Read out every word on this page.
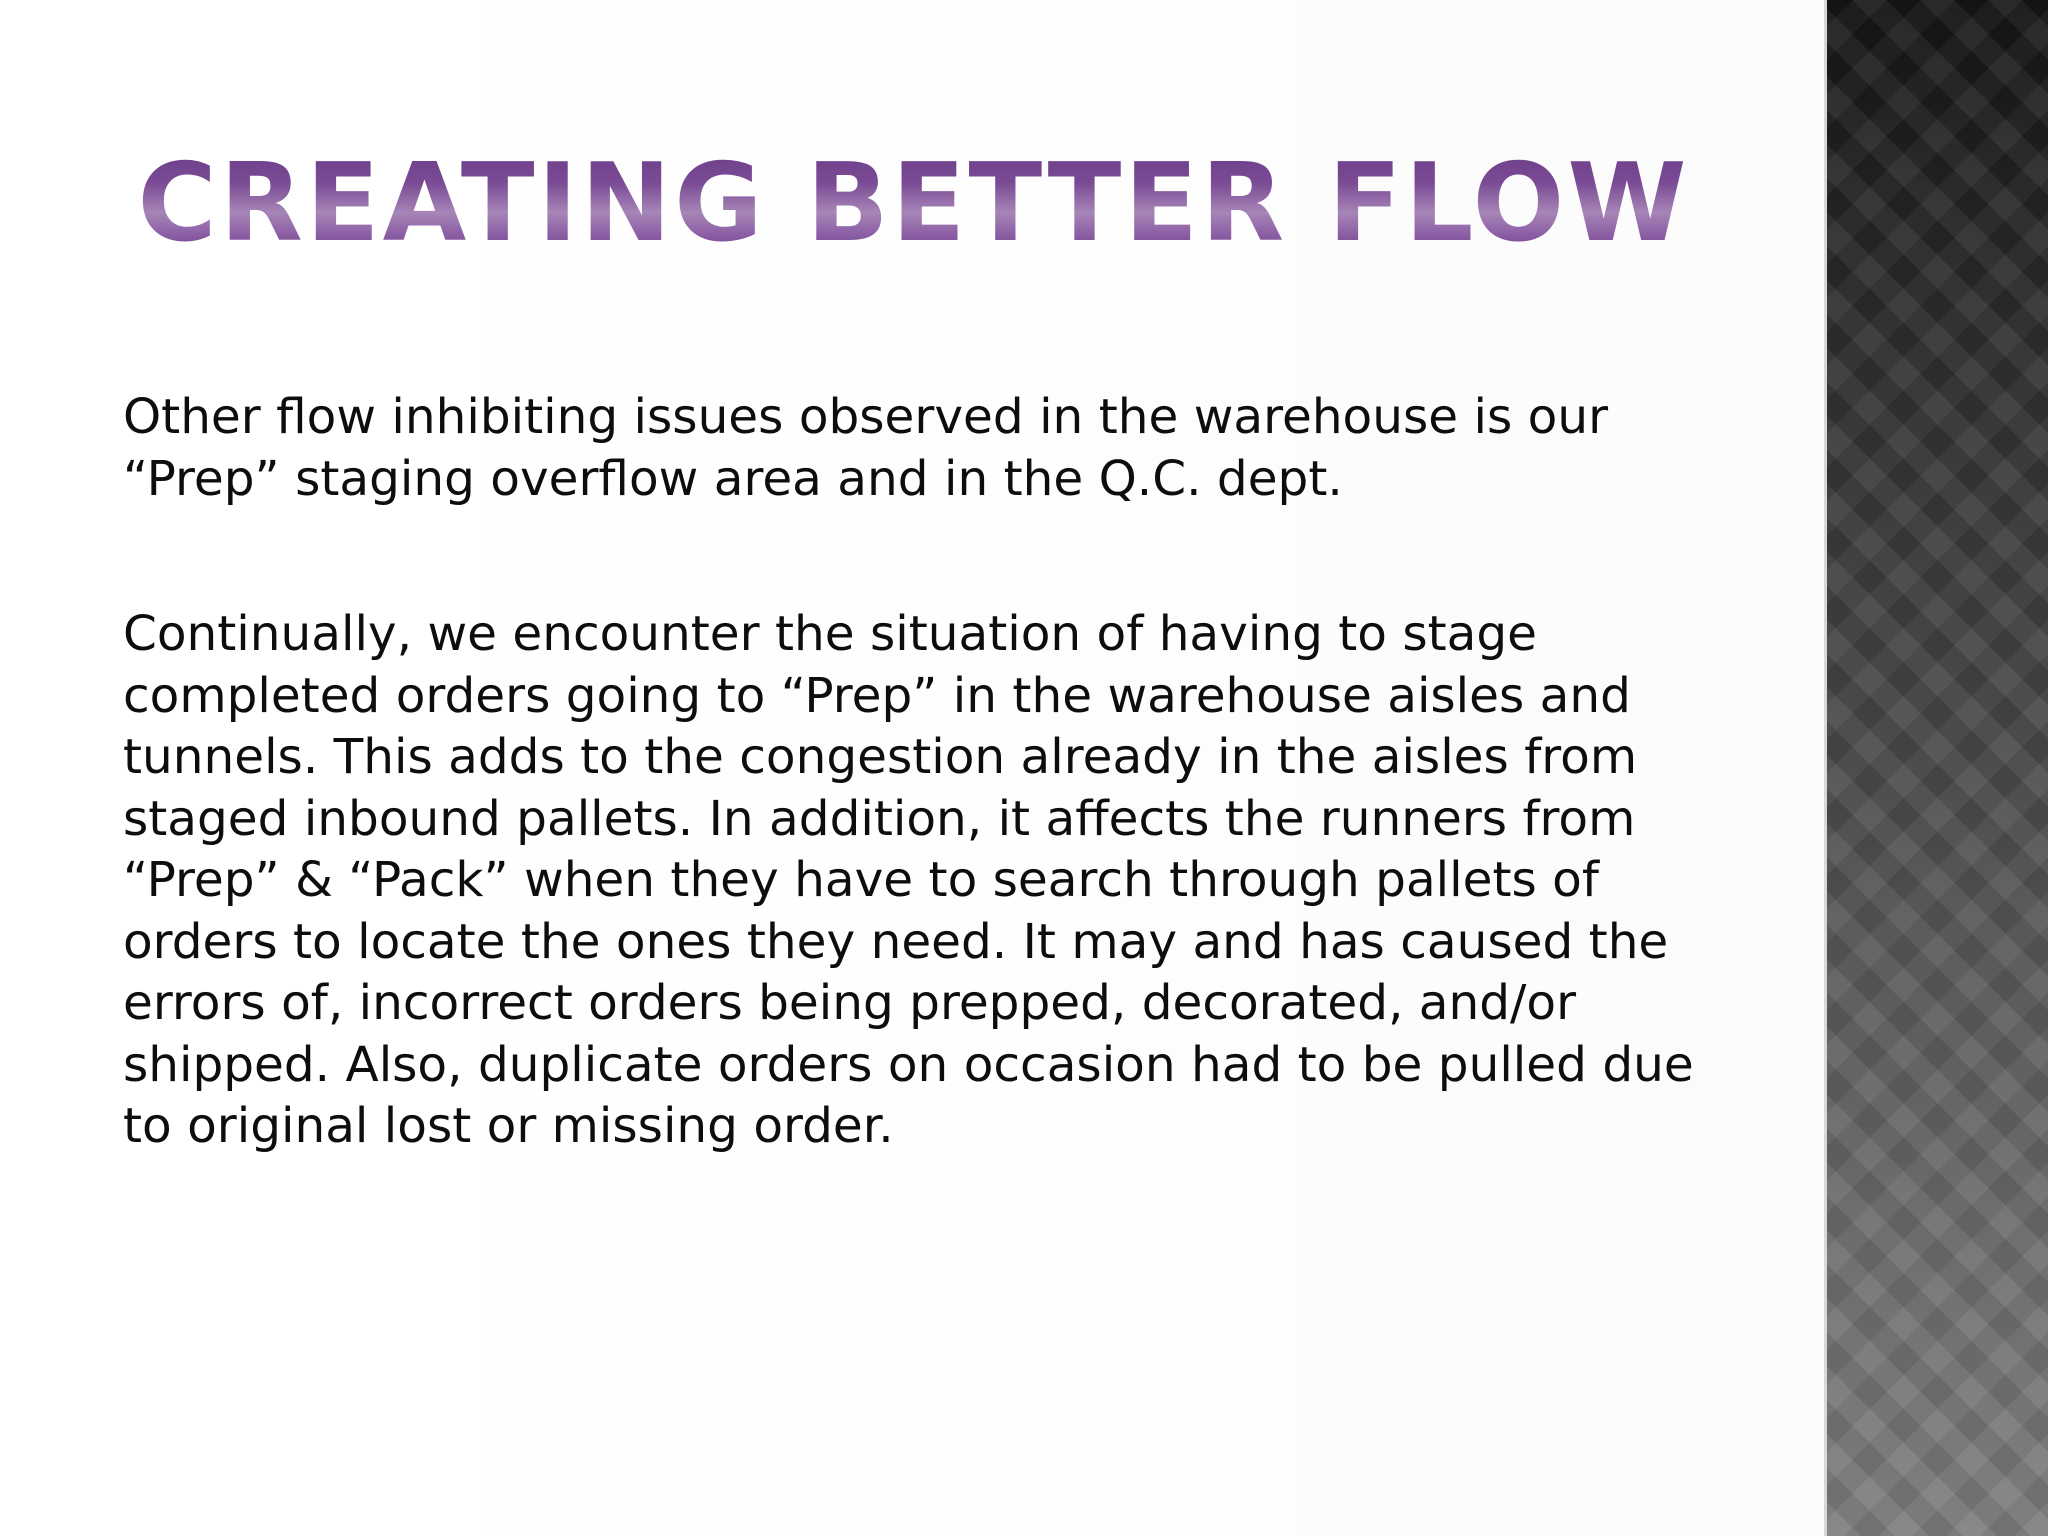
CREATING BETTER FLOW

Other flow inhibiting issues observed in the warehouse is our “Prep” staging overflow area and in the Q.C. dept.

Continually, we encounter the situation of having to stage completed orders going to “Prep” in the warehouse aisles and tunnels. This adds to the congestion already in the aisles from staged inbound pallets. In addition, it affects the runners from “Prep” & “Pack” when they have to search through pallets of orders to locate the ones they need. It may and has caused the errors of, incorrect orders being prepped, decorated, and/or shipped. Also, duplicate orders on occasion had to be pulled due to original lost or missing order.
